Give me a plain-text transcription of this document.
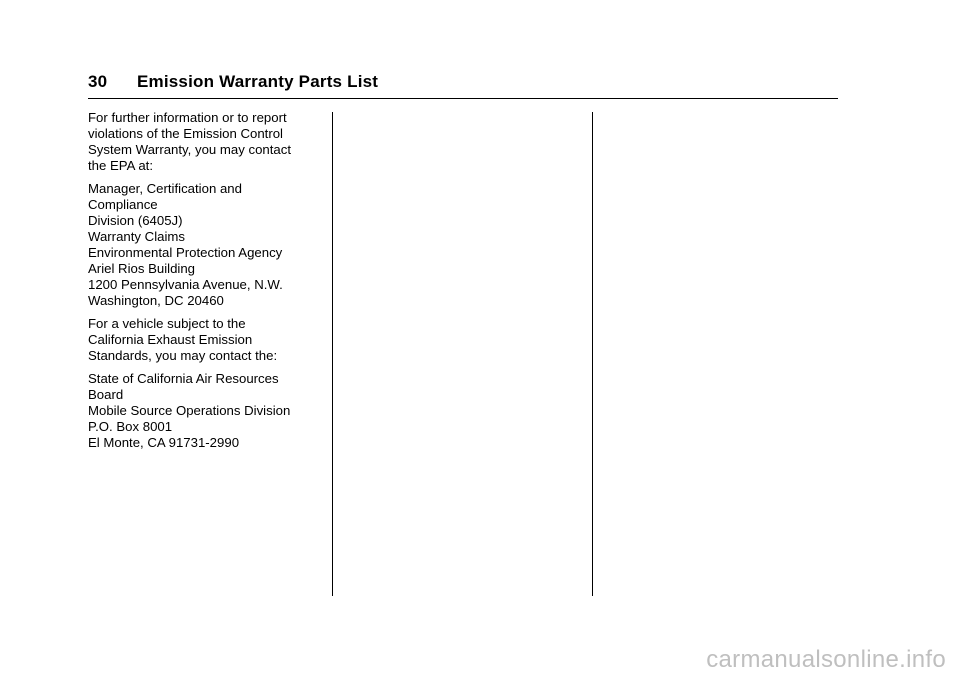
30 Emission Warranty Parts List

For further information or to report
violations of the Emission Control
System Warranty, you may contact
the EPA at:

Manager, Certification and
Compliance
Division (6405J)
Warranty Claims
Environmental Protection Agency
Ariel Rios Building
1200 Pennsylvania Avenue, N.W.
Washington, DC 20460

For a vehicle subject to the
California Exhaust Emission
Standards, you may contact the:

State of California Air Resources
Board
Mobile Source Operations Division
P.O. Box 8001
El Monte, CA 91731-2990

carmanualsonline.info
